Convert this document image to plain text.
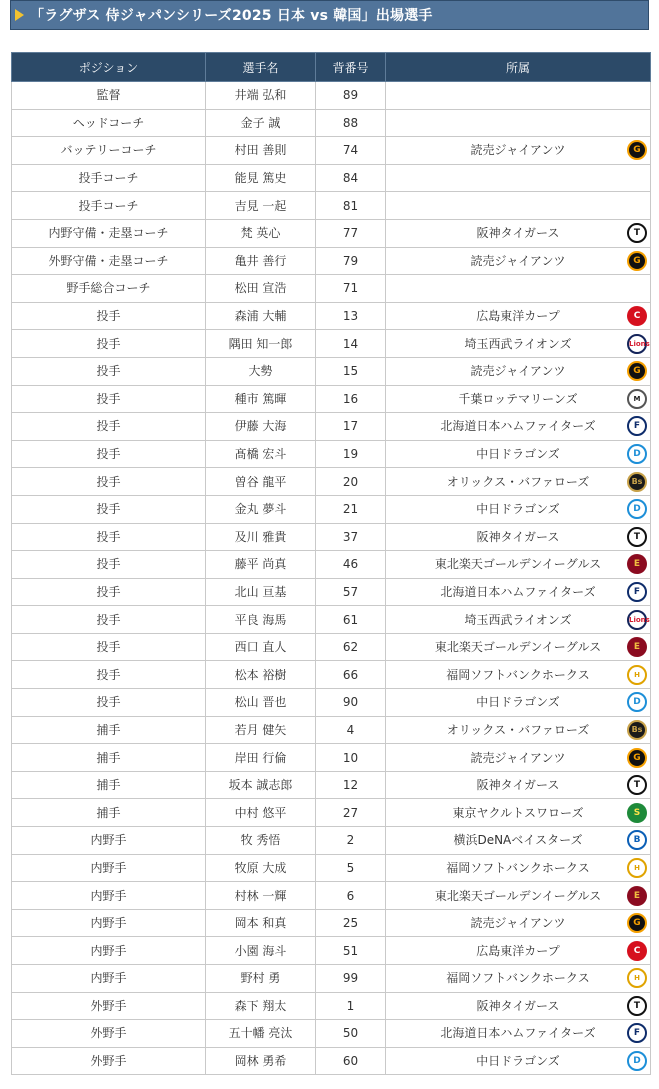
「ラグザス 侍ジャパンシリーズ2025 日本 vs 韓国」出場選手
ポジション	選手名	背番号	所属
監督	井端 弘和	89	
ヘッドコーチ	金子 誠	88	
バッテリーコーチ	村田 善則	74	読売ジャイアンツ G

投手コーチ	能見 篤史	84	
投手コーチ	吉見 一起	81	
内野守備・走塁コーチ	梵 英心	77	阪神タイガース T

外野守備・走塁コーチ	亀井 善行	79	読売ジャイアンツ G

野手総合コーチ	松田 宣浩	71	
投手	森浦 大輔	13	広島東洋カープ C

投手	隅田 知一郎	14	埼玉西武ライオンズ Lions

投手	大勢	15	読売ジャイアンツ G

投手	種市 篤暉	16	千葉ロッテマリーンズ M

投手	伊藤 大海	17	北海道日本ハムファイターズ F

投手	髙橋 宏斗	19	中日ドラゴンズ D

投手	曽谷 龍平	20	オリックス・バファローズ Bs

投手	金丸 夢斗	21	中日ドラゴンズ D

投手	及川 雅貴	37	阪神タイガース T

投手	藤平 尚真	46	東北楽天ゴールデンイーグルス E

投手	北山 亘基	57	北海道日本ハムファイターズ F

投手	平良 海馬	61	埼玉西武ライオンズ Lions

投手	西口 直人	62	東北楽天ゴールデンイーグルス E

投手	松本 裕樹	66	福岡ソフトバンクホークス H

投手	松山 晋也	90	中日ドラゴンズ D

捕手	若月 健矢	4	オリックス・バファローズ Bs

捕手	岸田 行倫	10	読売ジャイアンツ G

捕手	坂本 誠志郎	12	阪神タイガース T

捕手	中村 悠平	27	東京ヤクルトスワローズ S

内野手	牧 秀悟	2	横浜DeNAベイスターズ B

内野手	牧原 大成	5	福岡ソフトバンクホークス H

内野手	村林 一輝	6	東北楽天ゴールデンイーグルス E

内野手	岡本 和真	25	読売ジャイアンツ G

内野手	小園 海斗	51	広島東洋カープ C

内野手	野村 勇	99	福岡ソフトバンクホークス H

外野手	森下 翔太	1	阪神タイガース T

外野手	五十幡 亮汰	50	北海道日本ハムファイターズ F

外野手	岡林 勇希	60	中日ドラゴンズ D
